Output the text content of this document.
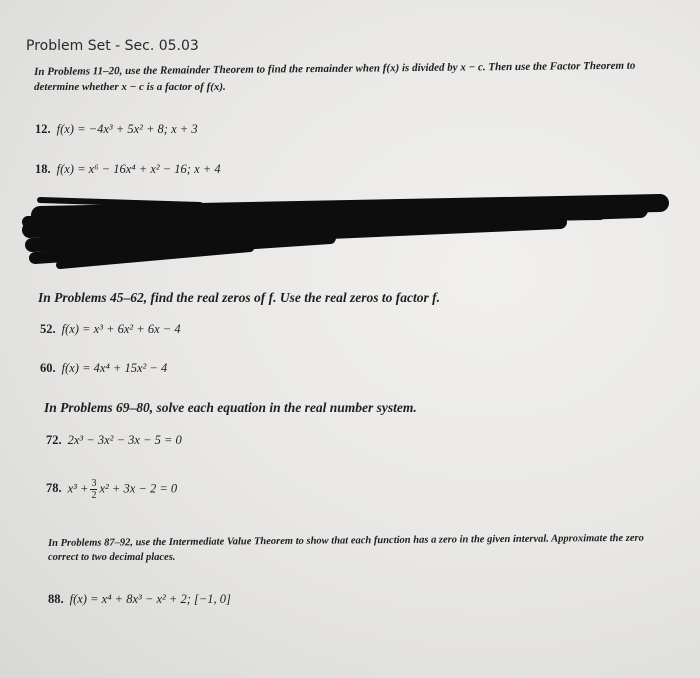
Problem Set - Sec. 05.03
In Problems 11–20, use the Remainder Theorem to find the remainder when f(x) is divided by x − c. Then use the Factor Theorem to
determine whether x − c is a factor of f(x).
12. f(x) = −4x³ + 5x² + 8; x + 3
18. f(x) = x⁶ − 16x⁴ + x² − 16; x + 4
In Problems 45–62, find the real zeros of f. Use the real zeros to factor f.
52. f(x) = x³ + 6x² + 6x − 4
60. f(x) = 4x⁴ + 15x² − 4
In Problems 69–80, solve each equation in the real number system.
72. 2x³ − 3x² − 3x − 5 = 0
78. $x^3 + \frac{3}{2} x^2 + 3x - 2 = 0$
In Problems 87–92, use the Intermediate Value Theorem to show that each function has a zero in the given interval. Approximate the zero
correct to two decimal places.
88. f(x) = x⁴ + 8x³ − x² + 2; [−1, 0]
